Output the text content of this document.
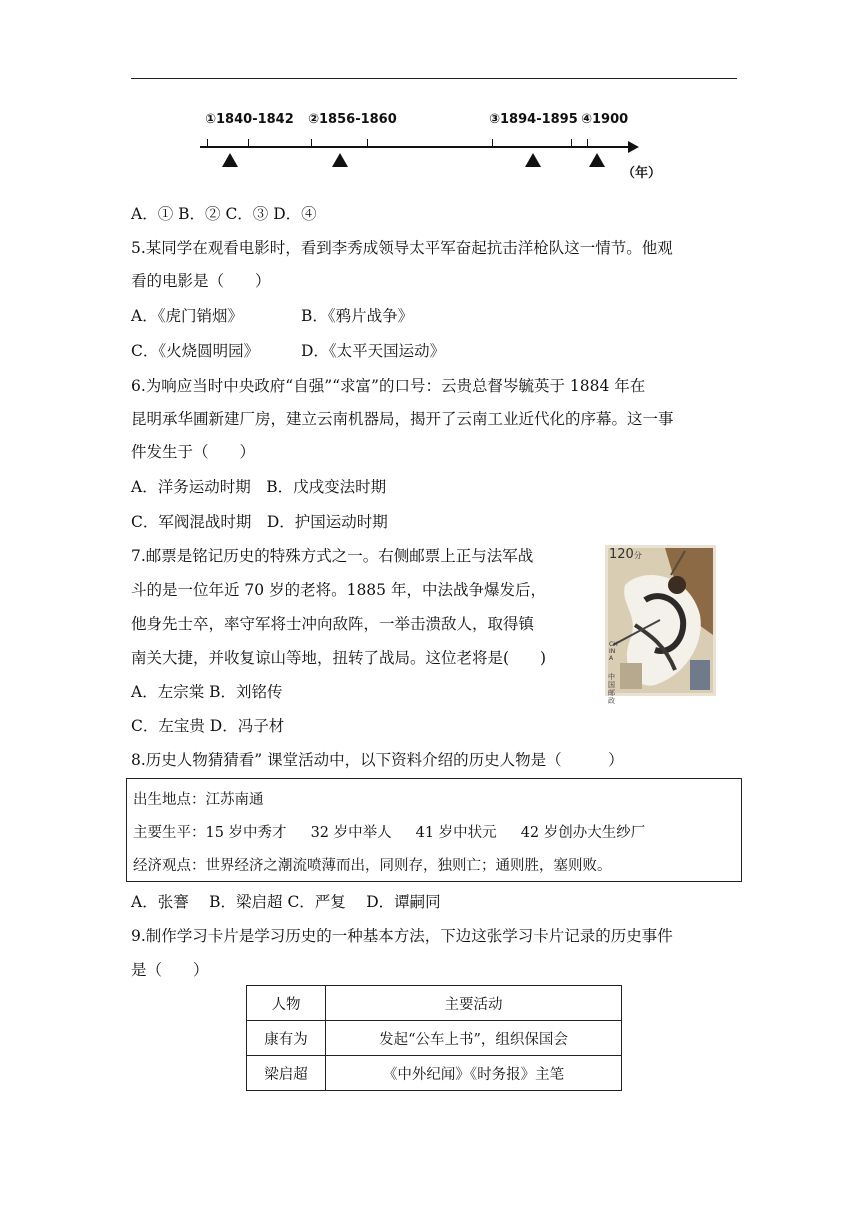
①1840-1842 ②1856-1860	③1894-1895 ④1900
（年）
A．① B．② C．③ D．④
5.某同学在观看电影时，看到李秀成领导太平军奋起抗击洋枪队这一情节。他观
看的电影是（　　）
A．《虎门销烟》	B．《鸦片战争》
C．《火烧圆明园》	D．《太平天国运动》
6.为响应当时中央政府“自强”“求富”的口号：云贵总督岑毓英于 1884 年在
昆明承华圃新建厂房，建立云南机器局，揭开了云南工业近代化的序幕。这一事
件发生于（　　）
A．洋务运动时期　B．戊戌变法时期
C．军阀混战时期　D．护国运动时期
7.邮票是铭记历史的特殊方式之一。右侧邮票上正与法军战
斗的是一位年近 70 岁的老将。1885 年，中法战争爆发后，
他身先士卒，率守军将士冲向敌阵，一举击溃敌人，取得镇
南关大捷，并收复谅山等地，扭转了战局。这位老将是(　　)
A．左宗棠 B．刘铭传
C．左宝贵 D．冯子材
120分
CHINA
中国邮政
8.历史人物猜猜看” 课堂活动中，以下资料介绍的历史人物是（　　　）
出生地点：江苏南通
主要生平：15 岁中秀才 32 岁中举人 41 岁中状元 42 岁创办大生纱厂
经济观点：世界经济之潮流喷薄而出，同则存，独则亡；通则胜，塞则败。
A．张謇　 B．梁启超 C．严复　 D．谭嗣同
9.制作学习卡片是学习历史的一种基本方法，下边这张学习卡片记录的历史事件
是（　　）
人物	主要活动
康有为	发起“公车上书”，组织保国会
梁启超	《中外纪闻》《时务报》主笔
